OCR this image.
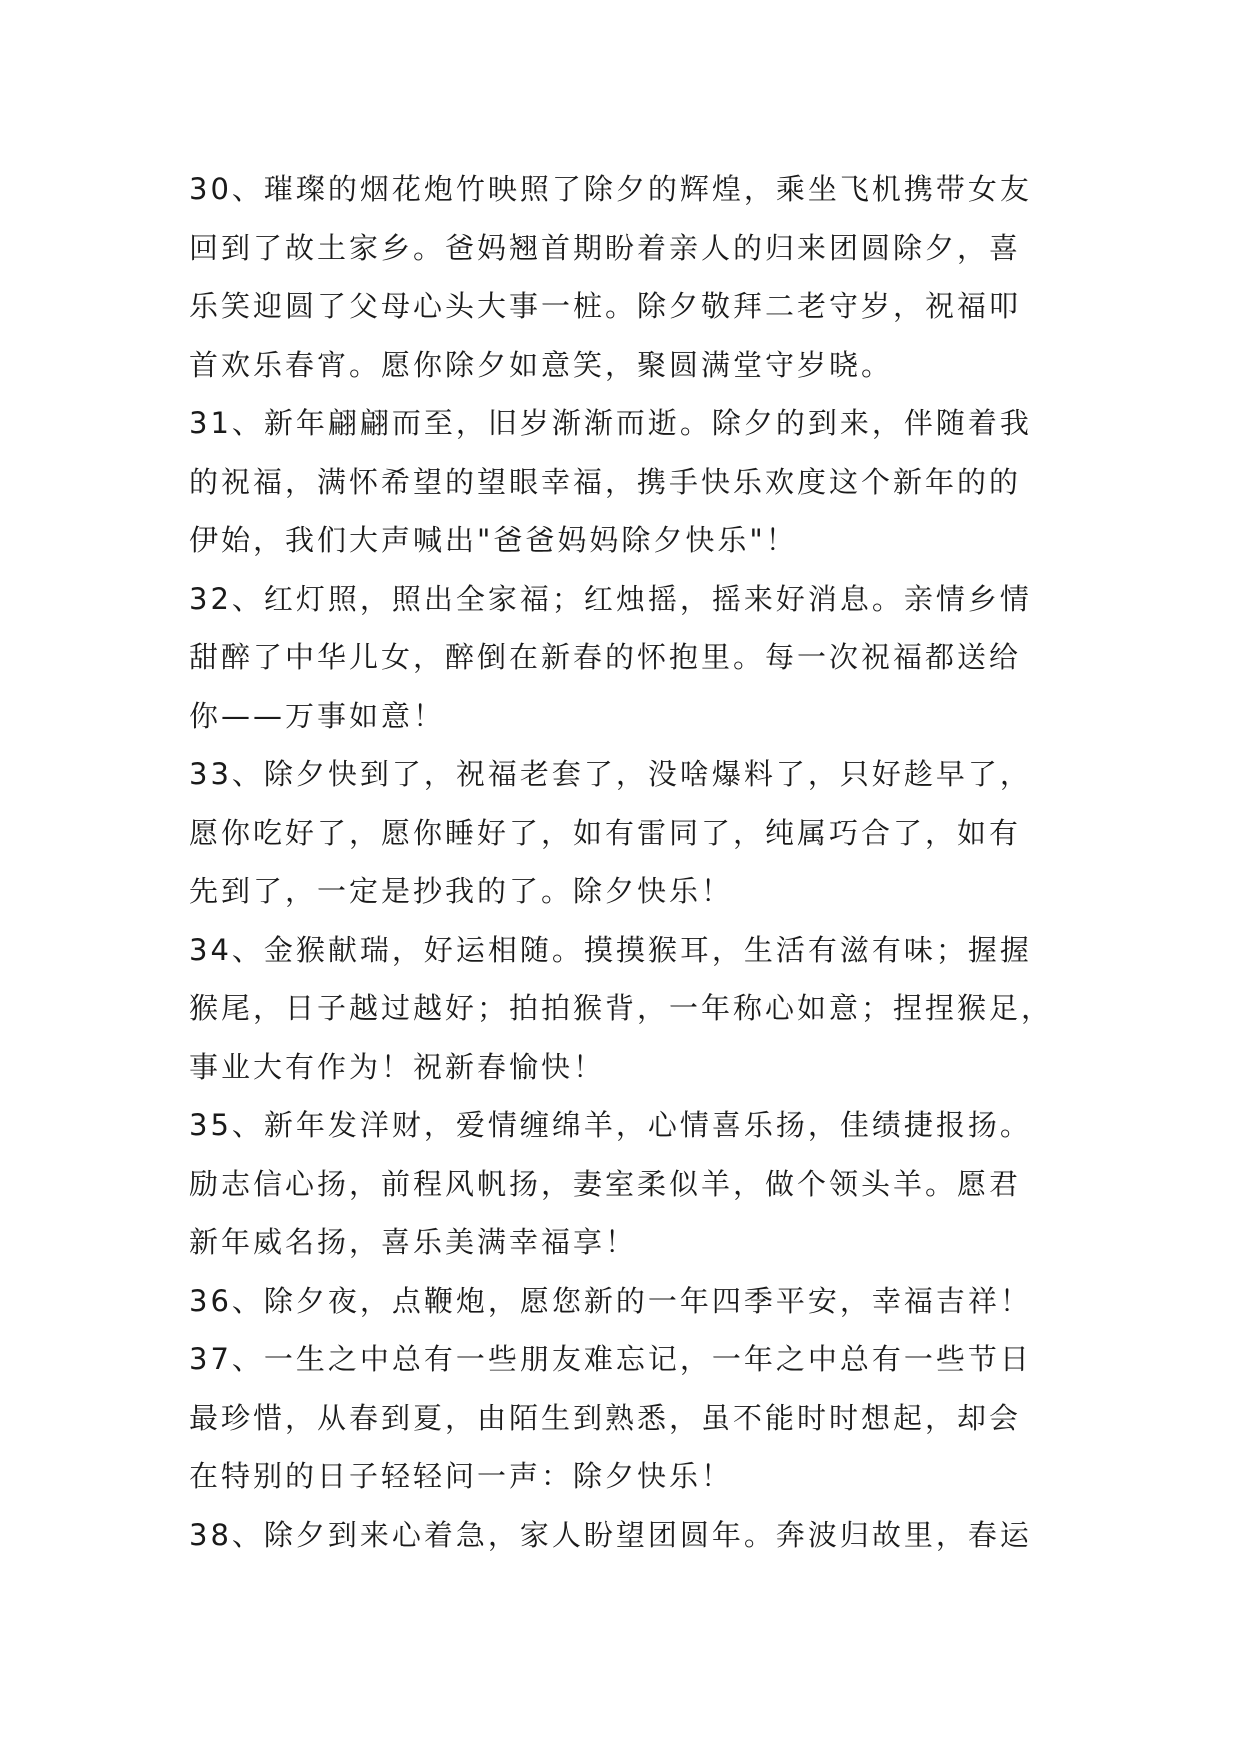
30、璀璨的烟花炮竹映照了除夕的辉煌，乘坐飞机携带女友
回到了故土家乡。爸妈翘首期盼着亲人的归来团圆除夕，喜
乐笑迎圆了父母心头大事一桩。除夕敬拜二老守岁，祝福叩
首欢乐春宵。愿你除夕如意笑，聚圆满堂守岁晓。
31、新年翩翩而至，旧岁渐渐而逝。除夕的到来，伴随着我
的祝福，满怀希望的望眼幸福，携手快乐欢度这个新年的的
伊始，我们大声喊出"爸爸妈妈除夕快乐"！
32、红灯照，照出全家福；红烛摇，摇来好消息。亲情乡情
甜醉了中华儿女，醉倒在新春的怀抱里。每一次祝福都送给
你——万事如意！
33、除夕快到了，祝福老套了，没啥爆料了，只好趁早了，
愿你吃好了，愿你睡好了，如有雷同了，纯属巧合了，如有
先到了，一定是抄我的了。除夕快乐！
34、金猴献瑞，好运相随。摸摸猴耳，生活有滋有味；握握
猴尾，日子越过越好；拍拍猴背，一年称心如意；捏捏猴足，
事业大有作为！祝新春愉快！
35、新年发洋财，爱情缠绵羊，心情喜乐扬，佳绩捷报扬。
励志信心扬，前程风帆扬，妻室柔似羊，做个领头羊。愿君
新年威名扬，喜乐美满幸福享！
36、除夕夜，点鞭炮，愿您新的一年四季平安，幸福吉祥！
37、一生之中总有一些朋友难忘记，一年之中总有一些节日
最珍惜，从春到夏，由陌生到熟悉，虽不能时时想起，却会
在特别的日子轻轻问一声：除夕快乐！
38、除夕到来心着急，家人盼望团圆年。奔波归故里，春运
